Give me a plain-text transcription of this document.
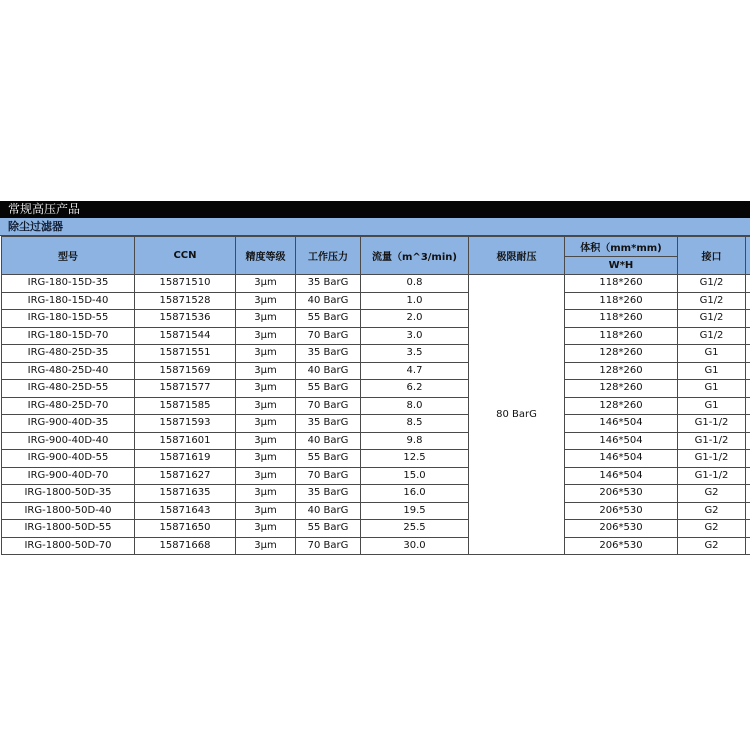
常规高压产品
除尘过滤器
型号	CCN	精度等级	工作压力	流量（m^3/min)	极限耐压	体积（mm*mm)	接口	
						W*H		
IRG-180-15D-35	15871510	3μm	35 BarG	0.8	80 BarG	118*260	G1/2	
IRG-180-15D-40	15871528	3μm	40 BarG	1.0		118*260	G1/2	
IRG-180-15D-55	15871536	3μm	55 BarG	2.0		118*260	G1/2	
IRG-180-15D-70	15871544	3μm	70 BarG	3.0		118*260	G1/2	
IRG-480-25D-35	15871551	3μm	35 BarG	3.5		128*260	G1	
IRG-480-25D-40	15871569	3μm	40 BarG	4.7		128*260	G1	
IRG-480-25D-55	15871577	3μm	55 BarG	6.2		128*260	G1	
IRG-480-25D-70	15871585	3μm	70 BarG	8.0		128*260	G1	
IRG-900-40D-35	15871593	3μm	35 BarG	8.5		146*504	G1-1/2	
IRG-900-40D-40	15871601	3μm	40 BarG	9.8		146*504	G1-1/2	
IRG-900-40D-55	15871619	3μm	55 BarG	12.5		146*504	G1-1/2	
IRG-900-40D-70	15871627	3μm	70 BarG	15.0		146*504	G1-1/2	
IRG-1800-50D-35	15871635	3μm	35 BarG	16.0		206*530	G2	
IRG-1800-50D-40	15871643	3μm	40 BarG	19.5		206*530	G2	
IRG-1800-50D-55	15871650	3μm	55 BarG	25.5		206*530	G2	
IRG-1800-50D-70	15871668	3μm	70 BarG	30.0		206*530	G2	
